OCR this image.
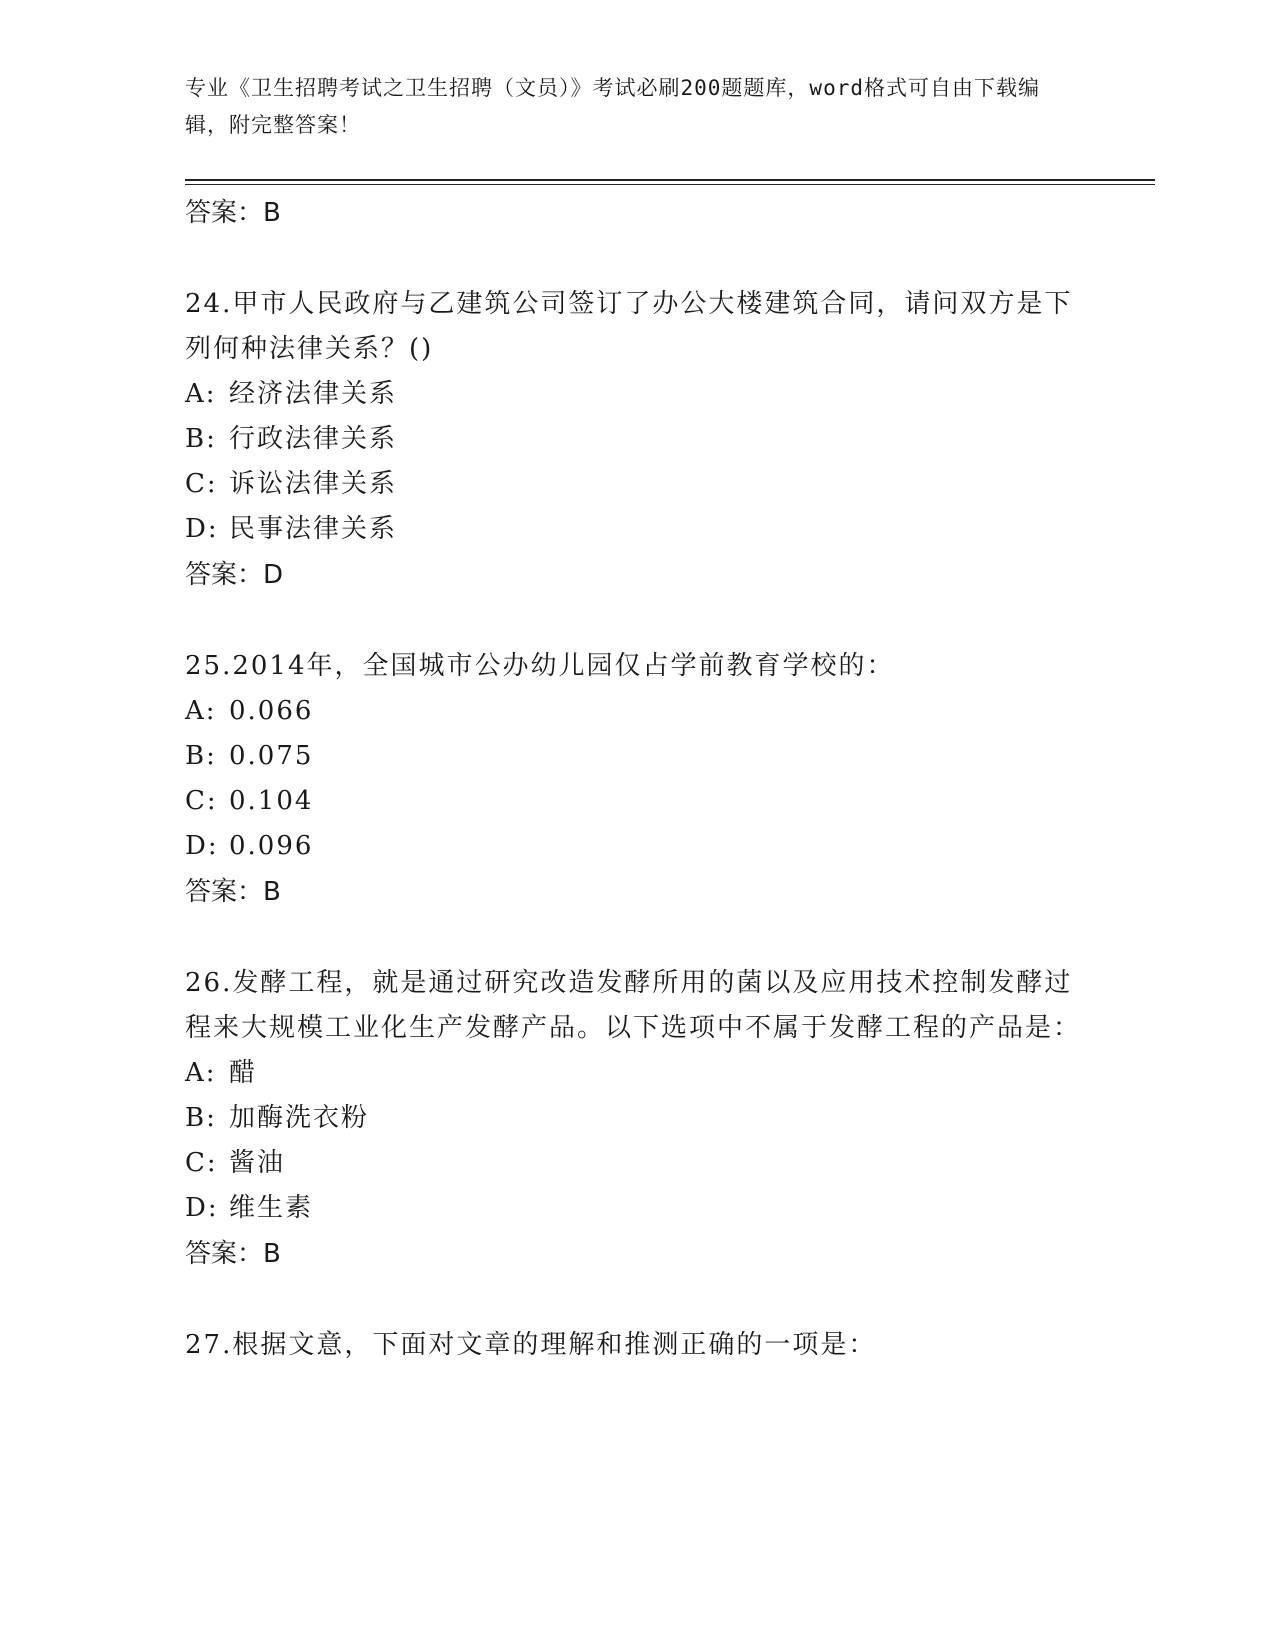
专业《卫生招聘考试之卫生招聘（文员）》考试必刷200题题库，word格式可自由下载编辑，附完整答案！
答案：B
24.甲市人民政府与乙建筑公司签订了办公大楼建筑合同，请问双方是下列何种法律关系？()
A: 经济法律关系
B: 行政法律关系
C: 诉讼法律关系
D: 民事法律关系
答案：D
25.2014年，全国城市公办幼儿园仅占学前教育学校的：
A: 0.066
B: 0.075
C: 0.104
D: 0.096
答案：B
26.发酵工程，就是通过研究改造发酵所用的菌以及应用技术控制发酵过程来大规模工业化生产发酵产品。以下选项中不属于发酵工程的产品是：
A: 醋
B: 加酶洗衣粉
C: 酱油
D: 维生素
答案：B
27.根据文意，下面对文章的理解和推测正确的一项是：
